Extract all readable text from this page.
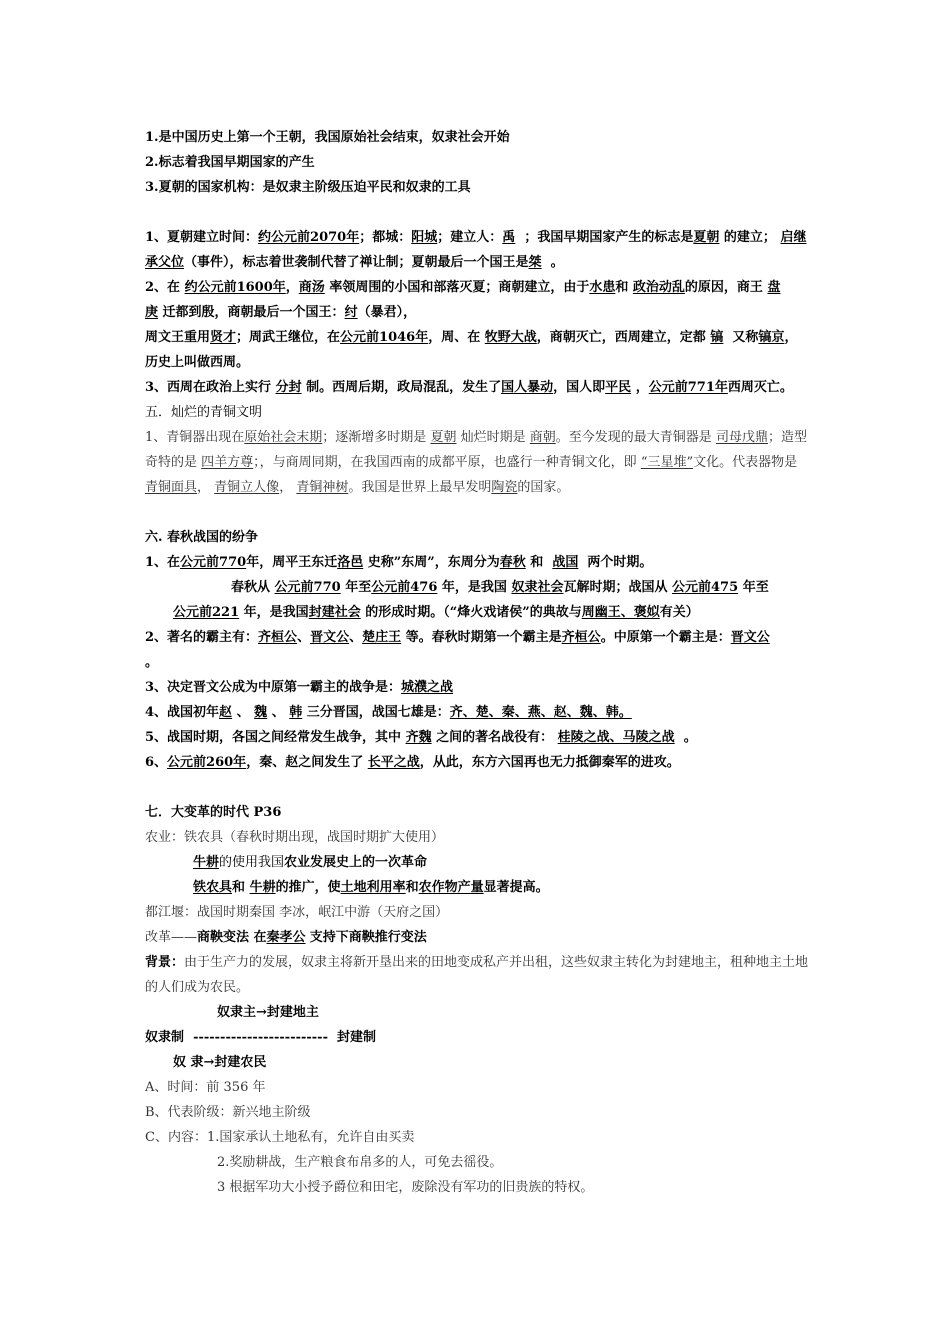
1.是中国历史上第一个王朝，我国原始社会结束，奴隶社会开始
2.标志着我国早期国家的产生
3.夏朝的国家机构：是奴隶主阶级压迫平民和奴隶的工具
1、夏朝建立时间：约公元前2070年；都城：阳城；建立人：禹 ；我国早期国家产生的标志是夏朝 的建立； 启继承父位（事件），标志着世袭制代替了禅让制；夏朝最后一个国王是桀 。
2、在 约公元前1600年，商汤 率领周围的小国和部落灭夏；商朝建立，由于水患和 政治动乱的原因，商王 盘庚 迁都到殷，商朝最后一个国王：纣（暴君），
周文王重用贤才；周武王继位，在公元前1046年，周、在 牧野大战，商朝灭亡，西周建立，定都 镐 又称镐京，历史上叫做西周。
3、西周在政治上实行 分封 制。西周后期，政局混乱，发生了国人暴动，国人即平民 ，公元前771年西周灭亡。
五．灿烂的青铜文明
1、青铜器出现在原始社会末期；逐渐增多时期是 夏朝 灿烂时期是 商朝。至今发现的最大青铜器是 司母戊鼎；造型奇特的是 四羊方尊；，与商周同期，在我国西南的成都平原，也盛行一种青铜文化，即 “三星堆”文化。代表器物是青铜面具， 青铜立人像， 青铜神树。我国是世界上最早发明陶瓷的国家。
六. 春秋战国的纷争
1、在公元前770年，周平王东迁洛邑 史称”东周”，东周分为春秋 和 战国 两个时期。
春秋从 公元前770 年至公元前476 年，是我国 奴隶社会瓦解时期；战国从 公元前475 年至
公元前221 年，是我国封建社会 的形成时期。（“烽火戏诸侯”的典故与周幽王、褒姒有关）
2、著名的霸主有：齐桓公、晋文公、楚庄王 等。春秋时期第一个霸主是齐桓公。中原第一个霸主是：晋文公
。
3、决定晋文公成为中原第一霸主的战争是：城濮之战
4、战国初年赵 、 魏 、 韩 三分晋国，战国七雄是：齐、楚、秦、燕、赵、魏、韩。
5、战国时期，各国之间经常发生战争，其中 齐魏 之间的著名战役有： 桂陵之战、马陵之战 。
6、公元前260年，秦、赵之间发生了 长平之战，从此，东方六国再也无力抵御秦军的进攻。
七．大变革的时代 P36
农业：铁农具（春秋时期出现，战国时期扩大使用）
牛耕的使用我国农业发展史上的一次革命
铁农具和 牛耕的推广，使土地利用率和农作物产量显著提高。
都江堰：战国时期秦国 李冰，岷江中游（天府之国）
改革——商鞅变法 在秦孝公 支持下商鞅推行变法
背景：由于生产力的发展，奴隶主将新开垦出来的田地变成私产并出租，这些奴隶主转化为封建地主，租种地主土地的人们成为农民。
奴隶主→封建地主
奴隶制 ------------------------- 封建制
奴 隶→封建农民
A、时间：前 356 年
B、代表阶级：新兴地主阶级
C、内容：1.国家承认土地私有，允许自由买卖
2.奖励耕战，生产粮食布帛多的人，可免去徭役。
3 根据军功大小授予爵位和田宅，废除没有军功的旧贵族的特权。
